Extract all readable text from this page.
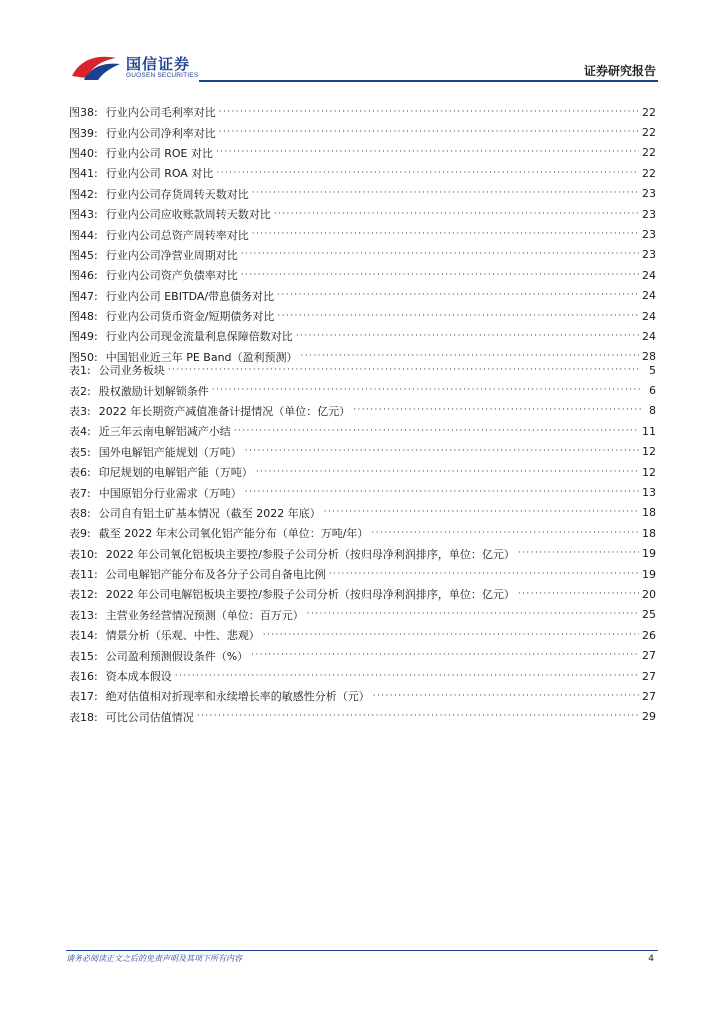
国信证券
GUOSEN SECURITIES	证券研究报告
图38: 行业内公司毛利率对比 ·····	22
图39: 行业内公司净利率对比 ·····	22
图40: 行业内公司 ROE 对比 ·····	22
图41: 行业内公司 ROA 对比 ·····	22
图42: 行业内公司存货周转天数对比 ·····	23
图43: 行业内公司应收账款周转天数对比 ·····	23
图44: 行业内公司总资产周转率对比 ·····	23
图45: 行业内公司净营业周期对比 ·····	23
图46: 行业内公司资产负债率对比 ·····	24
图47: 行业内公司 EBITDA/带息债务对比 ·····	24
图48: 行业内公司货币资金/短期债务对比 ·····	24
图49: 行业内公司现金流量利息保障倍数对比 ·····	24
图50: 中国铝业近三年 PE Band（盈利预测） ·····	28
表1: 公司业务板块 ·····	5
表2: 股权激励计划解锁条件 ·····	6
表3: 2022 年长期资产减值准备计提情况（单位：亿元） ·····	8
表4: 近三年云南电解铝减产小结 ·····	11
表5: 国外电解铝产能规划（万吨） ·····	12
表6: 印尼规划的电解铝产能（万吨） ·····	12
表7: 中国原铝分行业需求（万吨） ·····	13
表8: 公司自有铝土矿基本情况（截至 2022 年底） ·····	18
表9: 截至 2022 年末公司氧化铝产能分布（单位：万吨/年） ·····	18
表10: 2022 年公司氧化铝板块主要控/参股子公司分析（按归母净利润排序，单位：亿元） ·····	19
表11: 公司电解铝产能分布及各分子公司自备电比例 ·····	19
表12: 2022 年公司电解铝板块主要控/参股子公司分析（按归母净利润排序，单位：亿元） ·····	20
表13: 主营业务经营情况预测（单位：百万元） ·····	25
表14: 情景分析（乐观、中性、悲观） ·····	26
表15: 公司盈利预测假设条件（%） ·····	27
表16: 资本成本假设 ·····	27
表17: 绝对估值相对折现率和永续增长率的敏感性分析（元） ·····	27
表18: 可比公司估值情况 ·····	29
请务必阅读正文之后的免责声明及其项下所有内容	4
